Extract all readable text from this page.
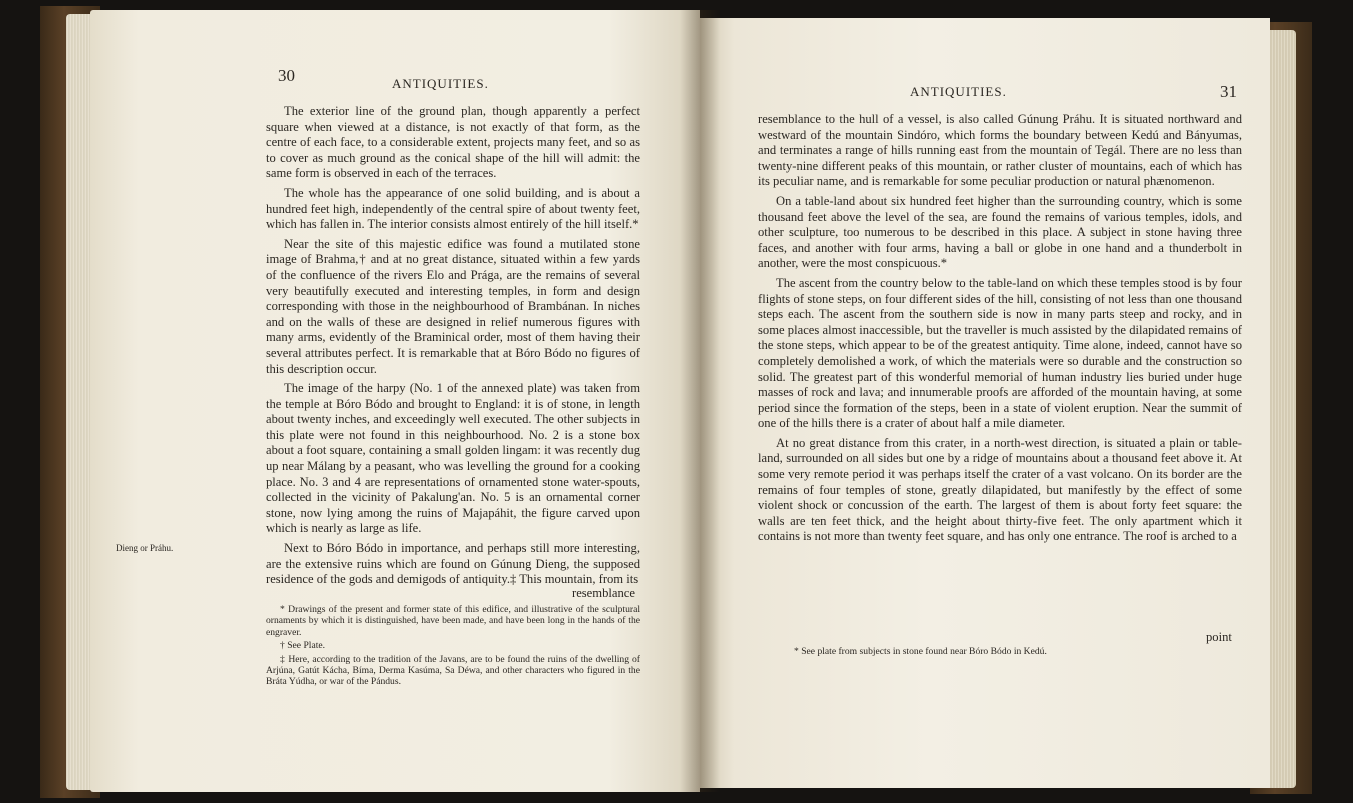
30	ANTIQUITIES.

The exterior line of the ground plan, though apparently a perfect square when viewed at a distance, is not exactly of that form, as the centre of each face, to a considerable extent, projects many feet, and so as to cover as much ground as the conical shape of the hill will admit: the same form is observed in each of the terraces.

The whole has the appearance of one solid building, and is about a hundred feet high, independently of the central spire of about twenty feet, which has fallen in. The interior consists almost entirely of the hill itself.*

Near the site of this majestic edifice was found a mutilated stone image of Brahma,† and at no great distance, situated within a few yards of the confluence of the rivers Elo and Prága, are the remains of several very beautifully executed and interesting temples, in form and design corresponding with those in the neighbourhood of Brambánan. In niches and on the walls of these are designed in relief numerous figures with many arms, evidently of the Braminical order, most of them having their several attributes perfect. It is remarkable that at Bóro Bódo no figures of this description occur.

The image of the harpy (No. 1 of the annexed plate) was taken from the temple at Bóro Bódo and brought to England: it is of stone, in length about twenty inches, and exceedingly well executed. The other subjects in this plate were not found in this neighbourhood. No. 2 is a stone box about a foot square, containing a small golden lingam: it was recently dug up near Málang by a peasant, who was levelling the ground for a cooking place. No. 3 and 4 are representations of ornamented stone water-spouts, collected in the vicinity of Pakalung'an. No. 5 is an ornamental corner stone, now lying among the ruins of Majapáhit, the figure carved upon which is nearly as large as life.

Next to Bóro Bódo in importance, and perhaps still more interesting, are the extensive ruins which are found on Gúnung Dieng, the supposed residence of the gods and demigods of antiquity.‡ This mountain, from its

resemblance
Dieng or Práhu.

* Drawings of the present and former state of this edifice, and illustrative of the sculptural ornaments by which it is distinguished, have been made, and have been long in the hands of the engraver.

† See Plate.

‡ Here, according to the tradition of the Javans, are to be found the ruins of the dwelling of Arjúna, Gatút Kácha, Bíma, Derma Kasúma, Sa Déwa, and other characters who figured in the Bráta Yúdha, or war of the Pándus.

ANTIQUITIES.	31

resemblance to the hull of a vessel, is also called Gúnung Práhu. It is situated northward and westward of the mountain Sindóro, which forms the boundary between Kedú and Bányumas, and terminates a range of hills running east from the mountain of Tegál. There are no less than twenty-nine different peaks of this mountain, or rather cluster of mountains, each of which has its peculiar name, and is remarkable for some peculiar production or natural phænomenon.

On a table-land about six hundred feet higher than the surrounding country, which is some thousand feet above the level of the sea, are found the remains of various temples, idols, and other sculpture, too numerous to be described in this place. A subject in stone having three faces, and another with four arms, having a ball or globe in one hand and a thunderbolt in another, were the most conspicuous.*

The ascent from the country below to the table-land on which these temples stood is by four flights of stone steps, on four different sides of the hill, consisting of not less than one thousand steps each. The ascent from the southern side is now in many parts steep and rocky, and in some places almost inaccessible, but the traveller is much assisted by the dilapidated remains of the stone steps, which appear to be of the greatest antiquity. Time alone, indeed, cannot have so completely demolished a work, of which the materials were so durable and the construction so solid. The greatest part of this wonderful memorial of human industry lies buried under huge masses of rock and lava; and innumerable proofs are afforded of the mountain having, at some period since the formation of the steps, been in a state of violent eruption. Near the summit of one of the hills there is a crater of about half a mile diameter.

At no great distance from this crater, in a north-west direction, is situated a plain or table-land, surrounded on all sides but one by a ridge of mountains about a thousand feet above it. At some very remote period it was perhaps itself the crater of a vast volcano. On its border are the remains of four temples of stone, greatly dilapidated, but manifestly by the effect of some violent shock or concussion of the earth. The largest of them is about forty feet square: the walls are ten feet thick, and the height about thirty-five feet. The only apartment which it contains is not more than twenty feet square, and has only one entrance. The roof is arched to a

point

* See plate from subjects in stone found near Bóro Bódo in Kedú.
